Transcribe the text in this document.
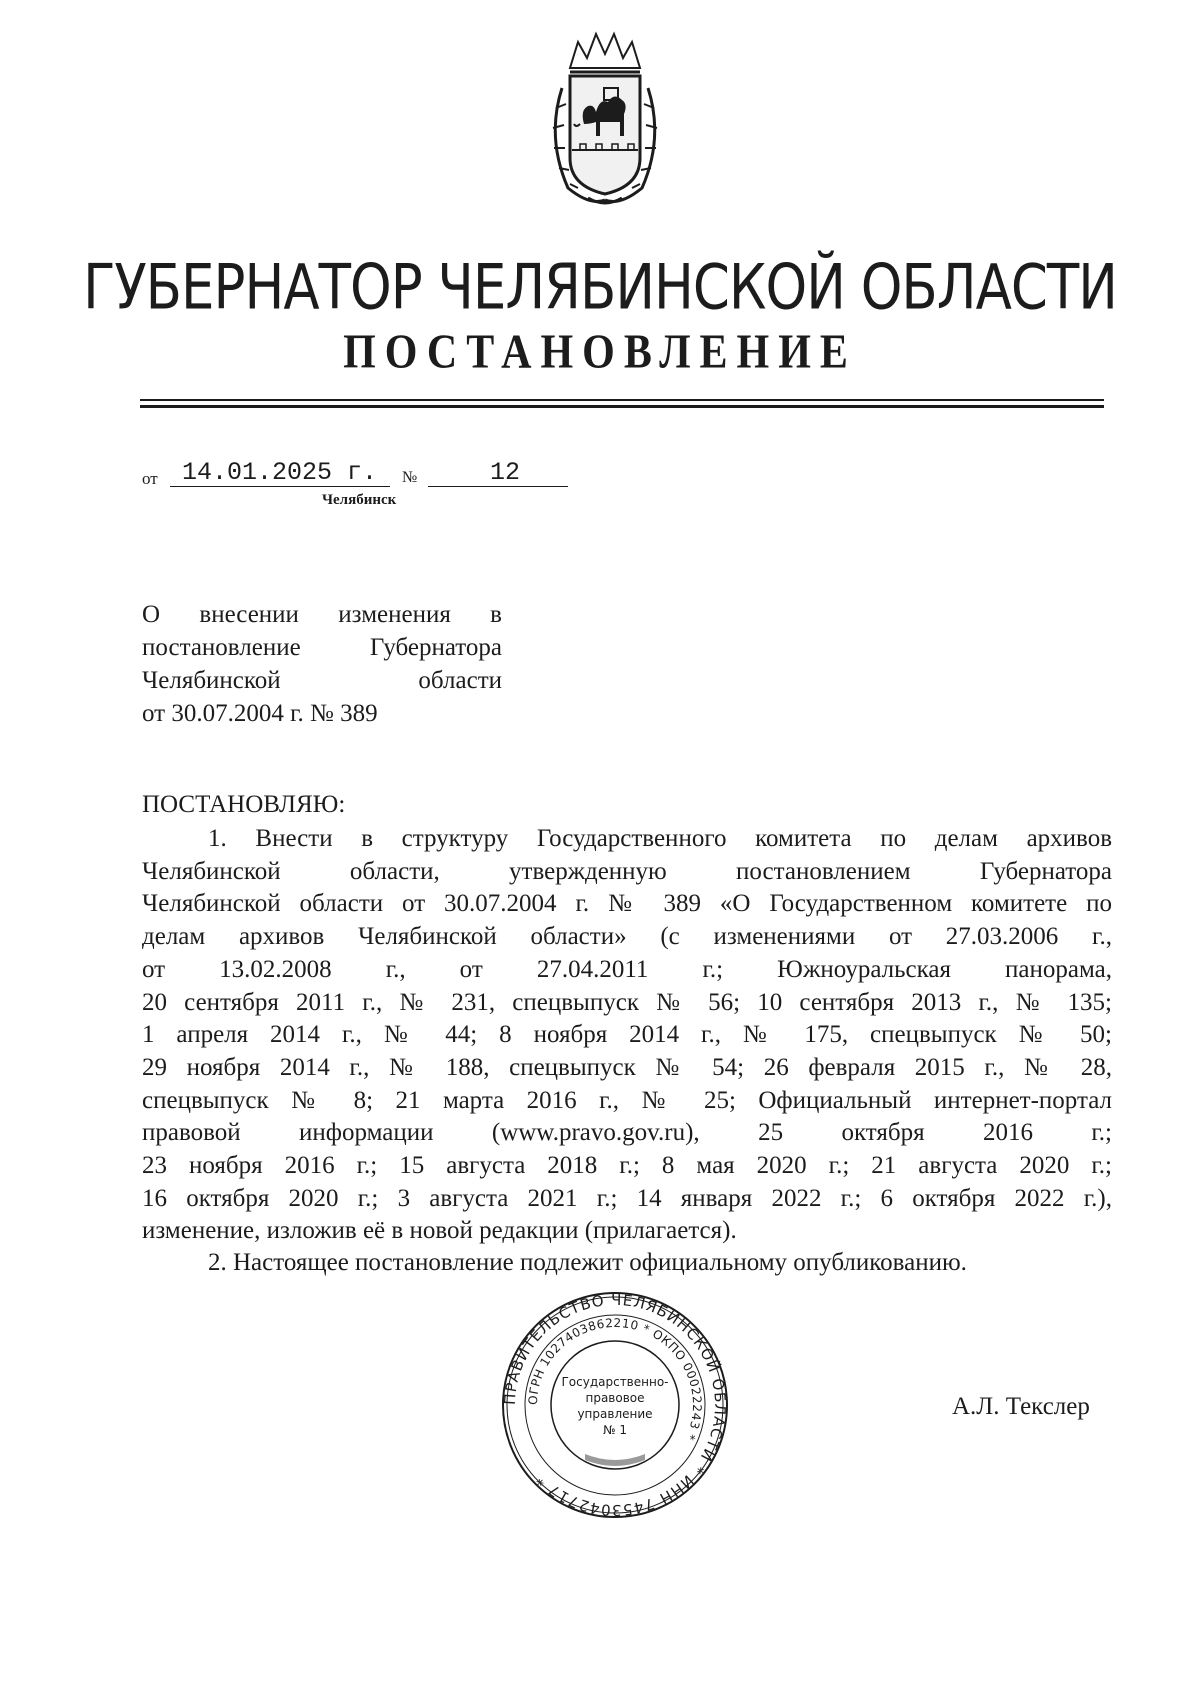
ГУБЕРНАТОР ЧЕЛЯБИНСКОЙ ОБЛАСТИ
ПОСТАНОВЛЕНИЕ
от 14.01.2025 г. №	12
Челябинск
О внесении изменения в
постановление Губернатора
Челябинской области
от 30.07.2004 г. № 389
ПОСТАНОВЛЯЮ:
1. Внести в структуру Государственного комитета по делам архивов
Челябинской области, утвержденную постановлением Губернатора
Челябинской области от 30.07.2004 г. № 389 «О Государственном комитете по
делам архивов Челябинской области» (с изменениями от 27.03.2006 г.,
от 13.02.2008 г., от 27.04.2011 г.; Южноуральская панорама,
20 сентября 2011 г., № 231, спецвыпуск № 56; 10 сентября 2013 г., № 135;
1 апреля 2014 г., № 44; 8 ноября 2014 г., № 175, спецвыпуск № 50;
29 ноября 2014 г., № 188, спецвыпуск № 54; 26 февраля 2015 г., № 28,
спецвыпуск № 8; 21 марта 2016 г., № 25; Официальный интернет-портал
правовой информации (www.pravo.gov.ru), 25 октября 2016 г.;
23 ноября 2016 г.; 15 августа 2018 г.; 8 мая 2020 г.; 21 августа 2020 г.;
16 октября 2020 г.; 3 августа 2021 г.; 14 января 2022 г.; 6 октября 2022 г.),
изменение, изложив её в новой редакции (прилагается).
2. Настоящее постановление подлежит официальному опубликованию.
ПРАВИТЕЛЬСТВО ЧЕЛЯБИНСКОЙ ОБЛАСТИ * ИНН 7453042717 *
ОГРН 1027403862210 * ОКПО 00022243 *
Государственно-
правовое
управление
№ 1
А.Л. Текслер
